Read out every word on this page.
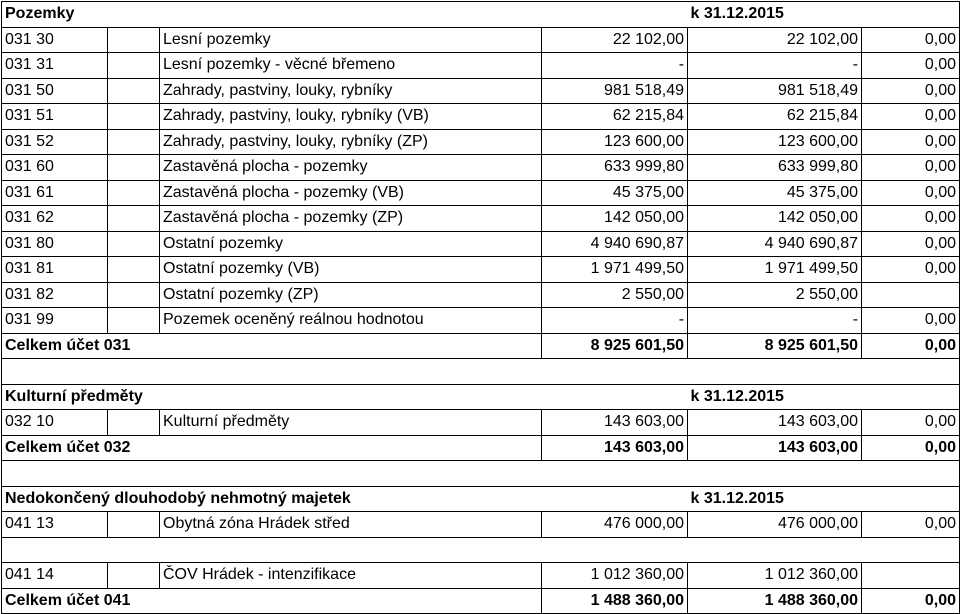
Pozemky				k 31.12.2015	
031 30		Lesní pozemky	22 102,00	22 102,00	0,00
031 31		Lesní pozemky - věcné břemeno	-	-	0,00
031 50		Zahrady, pastviny, louky, rybníky	981 518,49	981 518,49	0,00
031 51		Zahrady, pastviny, louky, rybníky (VB)	62 215,84	62 215,84	0,00
031 52		Zahrady, pastviny, louky, rybníky (ZP)	123 600,00	123 600,00	0,00
031 60		Zastavěná plocha - pozemky	633 999,80	633 999,80	0,00
031 61		Zastavěná plocha - pozemky (VB)	45 375,00	45 375,00	0,00
031 62		Zastavěná plocha - pozemky (ZP)	142 050,00	142 050,00	0,00
031 80		Ostatní pozemky	4 940 690,87	4 940 690,87	0,00
031 81		Ostatní pozemky (VB)	1 971 499,50	1 971 499,50	0,00
031 82		Ostatní pozemky (ZP)	2 550,00	2 550,00	
031 99		Pozemek oceněný reálnou hodnotou	-	-	0,00
Celkem účet 031			8 925 601,50	8 925 601,50	0,00

Kulturní předměty				k 31.12.2015	
032 10		Kulturní předměty	143 603,00	143 603,00	0,00
Celkem účet 032			143 603,00	143 603,00	0,00

Nedokončený dlouhodobý nehmotný majetek				k 31.12.2015	
041 13		Obytná zóna Hrádek střed	476 000,00	476 000,00	0,00

041 14		ČOV Hrádek - intenzifikace	1 012 360,00	1 012 360,00	
Celkem účet 041			1 488 360,00	1 488 360,00	0,00
